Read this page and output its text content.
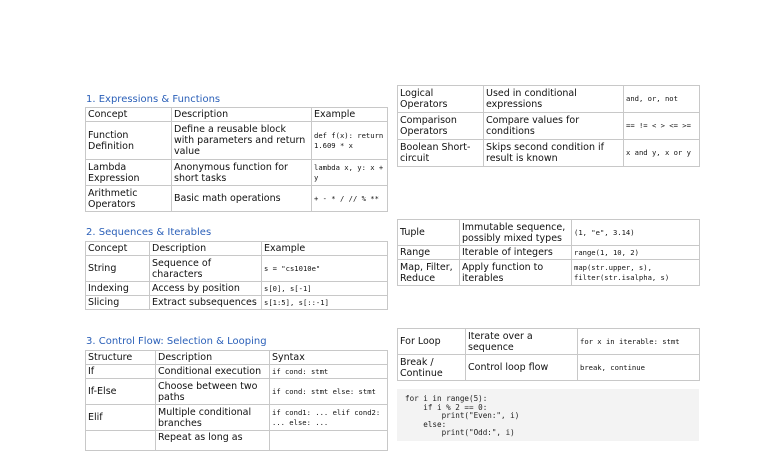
1. Expressions & Functions
Concept	Description	Example
Function Definition	Define a reusable block with parameters and return value	def f(x): return 1.609 * x
Lambda Expression	Anonymous function for short tasks	lambda x, y: x + y
Arithmetic Operators	Basic math operations	+ - * / // % **
Logical Operators	Used in conditional expressions	and, or, not
Comparison Operators	Compare values for conditions	== != < > <= >=
Boolean Short-circuit	Skips second condition if result is known	x and y, x or y
2. Sequences & Iterables
Concept	Description	Example
String	Sequence of characters	s = "cs1010e"
Indexing	Access by position	s[0], s[-1]
Slicing	Extract subsequences	s[1:5], s[::-1]
Tuple	Immutable sequence, possibly mixed types	(1, "e", 3.14)
Range	Iterable of integers	range(1, 10, 2)
Map, Filter, Reduce	Apply function to iterables	map(str.upper, s), filter(str.isalpha, s)
3. Control Flow: Selection & Looping
Structure	Description	Syntax
If	Conditional execution	if cond: stmt
If-Else	Choose between two paths	if cond: stmt else: stmt
Elif	Multiple conditional branches	if cond1: ... elif cond2: ... else: ...
	Repeat as long as	
For Loop	Iterate over a sequence	for x in iterable: stmt
Break / Continue	Control loop flow	break, continue
for i in range(5):
if i % 2 == 0:
print("Even:", i)
else:
print("Odd:", i)
